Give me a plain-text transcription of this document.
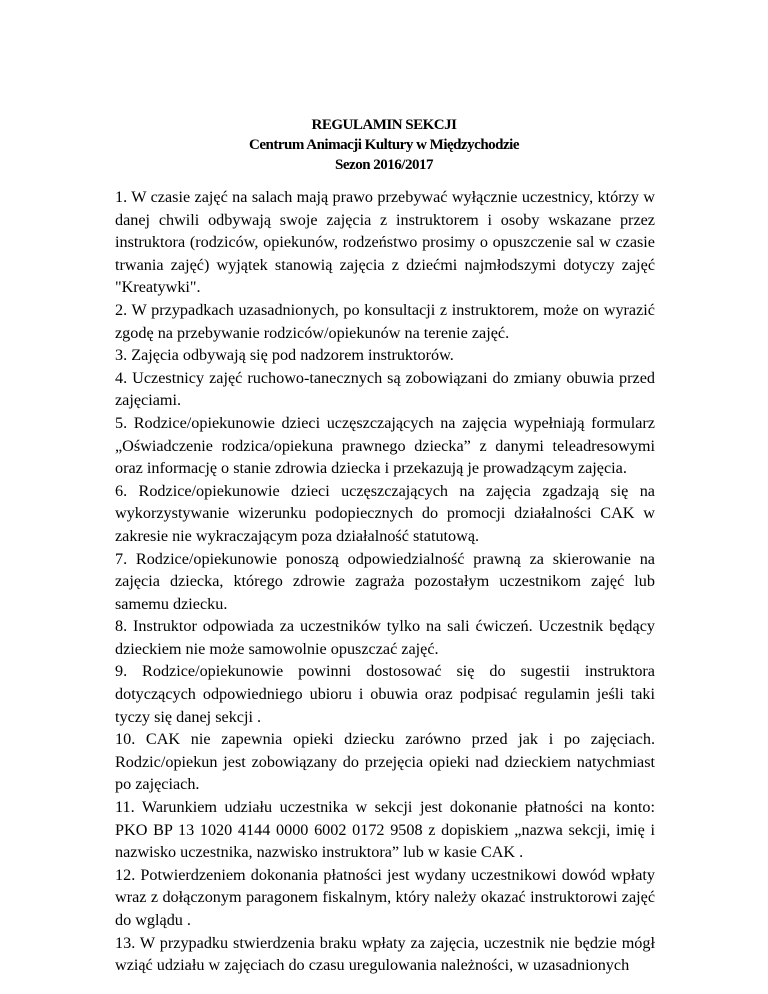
REGULAMIN SEKCJI
Centrum Animacji Kultury w Międzychodzie
Sezon 2016/2017

1. W czasie zajęć na salach mają prawo przebywać wyłącznie uczestnicy, którzy w danej chwili odbywają swoje zajęcia z instruktorem i osoby wskazane przez instruktora (rodziców, opiekunów, rodzeństwo prosimy o opuszczenie sal w czasie trwania zajęć) wyjątek stanowią zajęcia z dziećmi najmłodszymi dotyczy zajęć "Kreatywki".

2. W przypadkach uzasadnionych, po konsultacji z instruktorem, może on wyrazić zgodę na przebywanie rodziców/opiekunów na terenie zajęć.

3. Zajęcia odbywają się pod nadzorem instruktorów.

4. Uczestnicy zajęć ruchowo-tanecznych są zobowiązani do zmiany obuwia przed zajęciami.

5. Rodzice/opiekunowie dzieci uczęszczających na zajęcia wypełniają formularz „Oświadczenie rodzica/opiekuna prawnego dziecka” z danymi teleadresowymi oraz informację o stanie zdrowia dziecka i przekazują je prowadzącym zajęcia.

6. Rodzice/opiekunowie dzieci uczęszczających na zajęcia zgadzają się na wykorzystywanie wizerunku podopiecznych do promocji działalności CAK w zakresie nie wykraczającym poza działalność statutową.

7. Rodzice/opiekunowie ponoszą odpowiedzialność prawną za skierowanie na zajęcia dziecka, którego zdrowie zagraża pozostałym uczestnikom zajęć lub samemu dziecku.

8. Instruktor odpowiada za uczestników tylko na sali ćwiczeń. Uczestnik będący dzieckiem nie może samowolnie opuszczać zajęć.

9. Rodzice/opiekunowie powinni dostosować się do sugestii instruktora dotyczących odpowiedniego ubioru i obuwia oraz podpisać regulamin jeśli taki tyczy się danej sekcji .

10. CAK nie zapewnia opieki dziecku zarówno przed jak i po zajęciach. Rodzic/opiekun jest zobowiązany do przejęcia opieki nad dzieckiem natychmiast po zajęciach.

11. Warunkiem udziału uczestnika w sekcji jest dokonanie płatności na konto: PKO BP 13 1020 4144 0000 6002 0172 9508 z dopiskiem „nazwa sekcji, imię i nazwisko uczestnika, nazwisko instruktora” lub w kasie CAK .

12. Potwierdzeniem dokonania płatności jest wydany uczestnikowi dowód wpłaty wraz z dołączonym paragonem fiskalnym, który należy okazać instruktorowi zajęć do wglądu .

13. W przypadku stwierdzenia braku wpłaty za zajęcia, uczestnik nie będzie mógł wziąć udziału w zajęciach do czasu uregulowania należności, w uzasadnionych
